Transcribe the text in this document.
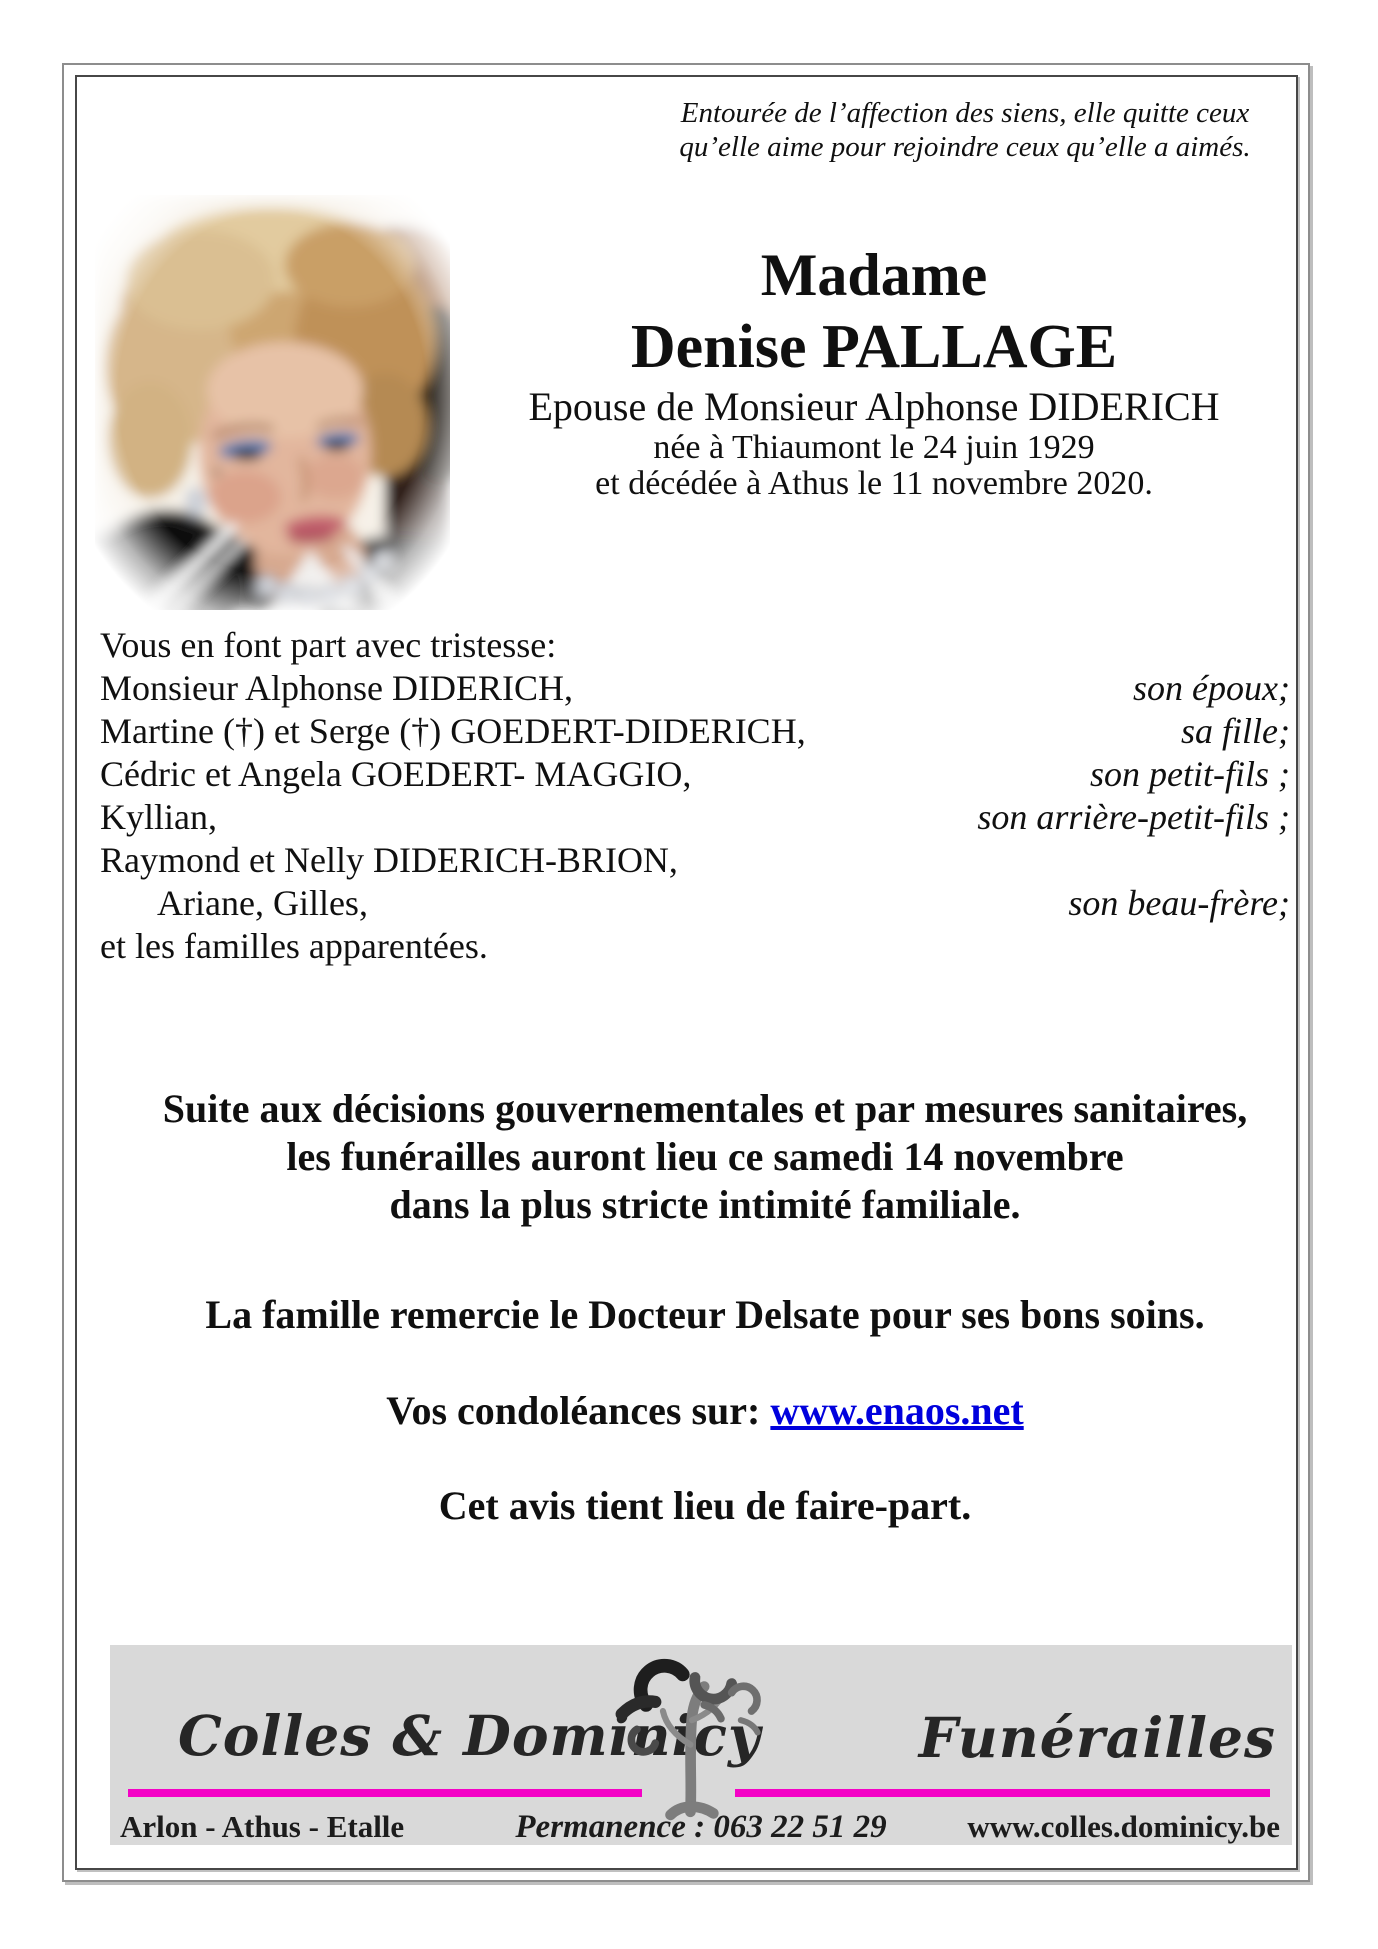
Entourée de l’affection des siens, elle quitte ceux
qu’elle aime pour rejoindre ceux qu’elle a aimés.
Madame
Denise PALLAGE
Epouse de Monsieur Alphonse DIDERICH
née à Thiaumont le 24 juin 1929
et décédée à Athus le 11 novembre 2020.
Vous en font part avec tristesse:
Monsieur Alphonse DIDERICH,	son époux;
Martine (†) et Serge (†) GOEDERT-DIDERICH,	sa fille;
Cédric et Angela GOEDERT- MAGGIO,	son petit-fils ;
Kyllian,	son arrière-petit-fils ;
Raymond et Nelly DIDERICH-BRION,
Ariane, Gilles,	son beau-frère;
et les familles apparentées.
Suite aux décisions gouvernementales et par mesures sanitaires,
les funérailles auront lieu ce samedi 14 novembre
dans la plus stricte intimité familiale.
La famille remercie le Docteur Delsate pour ses bons soins.
Vos condoléances sur: www.enaos.net
Cet avis tient lieu de faire-part.
Colles & Dominicy	Funérailles
Arlon - Athus - Etalle	Permanence : 063 22 51 29	www.colles.dominicy.be
